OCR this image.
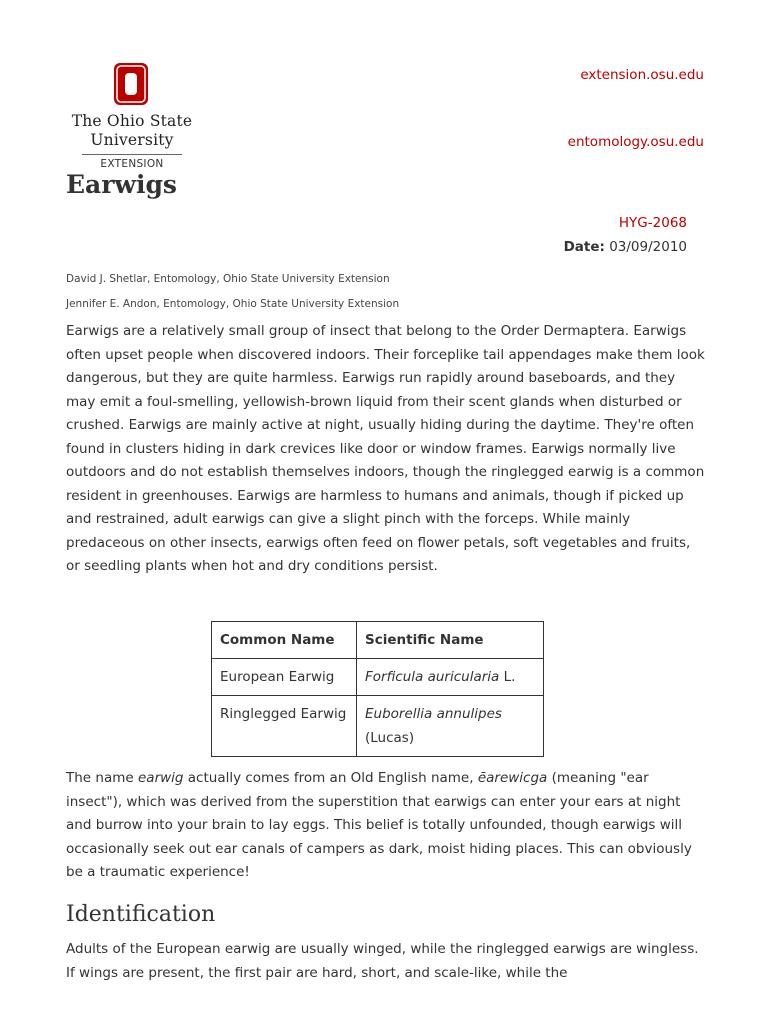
The Ohio State
University
EXTENSION
extension.osu.edu
entomology.osu.edu
Earwigs
HYG-2068
Date: 03/09/2010
David J. Shetlar, Entomology, Ohio State University Extension
Jennifer E. Andon, Entomology, Ohio State University Extension

Earwigs are a relatively small group of insect that belong to the Order Dermaptera. Earwigs often upset people when discovered indoors. Their forceplike tail appendages make them look dangerous, but they are quite harmless. Earwigs run rapidly around baseboards, and they may emit a foul-smelling, yellowish-brown liquid from their scent glands when disturbed or crushed. Earwigs are mainly active at night, usually hiding during the daytime. They're often found in clusters hiding in dark crevices like door or window frames. Earwigs normally live outdoors and do not establish themselves indoors, though the ringlegged earwig is a common resident in greenhouses. Earwigs are harmless to humans and animals, though if picked up and restrained, adult earwigs can give a slight pinch with the forceps. While mainly predaceous on other insects, earwigs often feed on flower petals, soft vegetables and fruits, or seedling plants when hot and dry conditions persist.

Common Name	Scientific Name
European Earwig	Forficula auricularia L.
Ringlegged Earwig	Euborellia annulipes (Lucas)

The name earwig actually comes from an Old English name, ēarewicga (meaning "ear insect"), which was derived from the superstition that earwigs can enter your ears at night and burrow into your brain to lay eggs. This belief is totally unfounded, though earwigs will occasionally seek out ear canals of campers as dark, moist hiding places. This can obviously be a traumatic experience!

Identification

Adults of the European earwig are usually winged, while the ringlegged earwigs are wingless. If wings are present, the first pair are hard, short, and scale-like, while the
